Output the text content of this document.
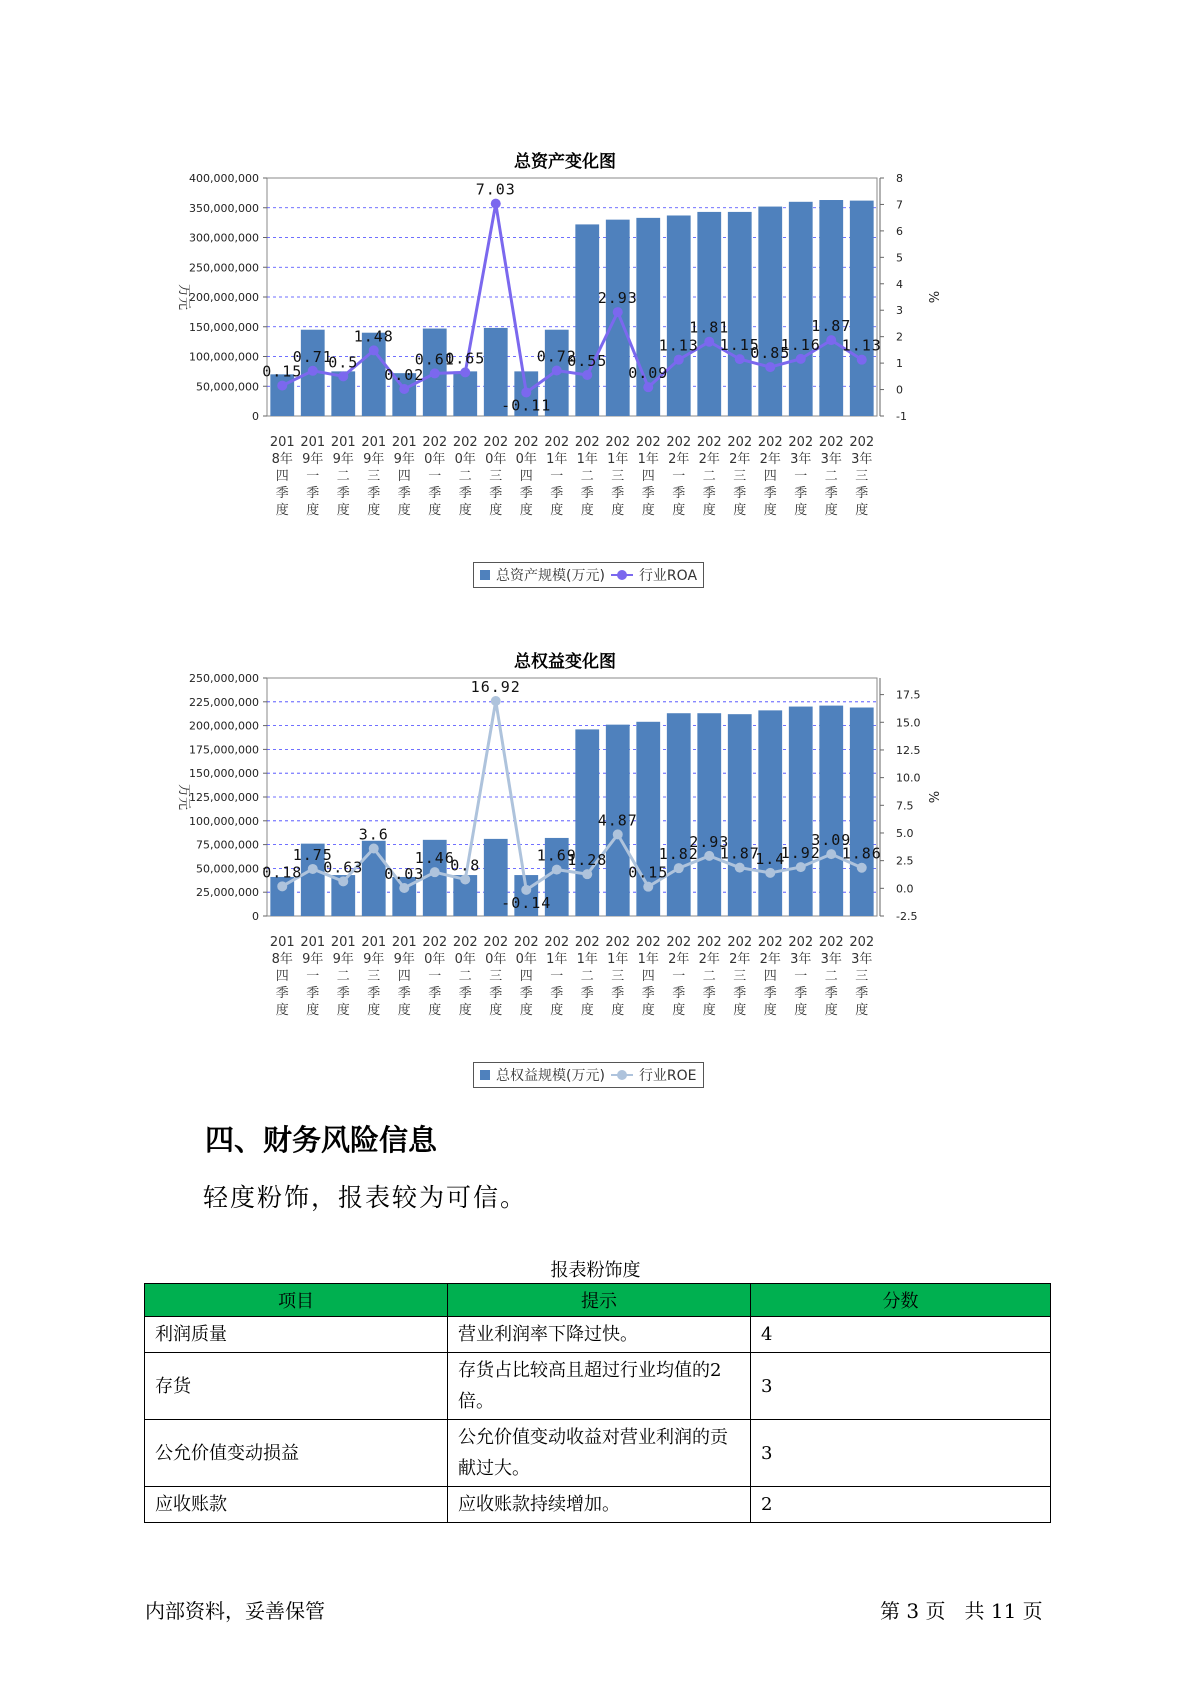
总资产变化图
0
50,000,000
100,000,000
150,000,000
200,000,000
250,000,000
300,000,000
350,000,000
400,000,000
万元
-1
0
1
2
3
4
5
6
7
8
%
0.15
0.71
0.5
1.48
0.02
0.61
0.65
7.03
-0.11
0.72
0.55
2.93
0.09
1.13
1.81
1.15
0.85
1.16
1.87
1.13
201 8年四季度
201 9年一季度
201 9年二季度
201 9年三季度
201 9年四季度
202 0年一季度
202 0年二季度
202 0年三季度
202 0年四季度
202 1年一季度
202 1年二季度
202 1年三季度
202 1年四季度
202 2年一季度
202 2年二季度
202 2年三季度
202 2年四季度
202 3年一季度
202 3年二季度
202 3年三季度
总资产规模(万元) 行业ROA
总权益变化图
0
25,000,000
50,000,000
75,000,000
100,000,000
125,000,000
150,000,000
175,000,000
200,000,000
225,000,000
250,000,000
万元
-2.5
0.0
2.5
5.0
7.5
10.0
12.5
15.0
17.5
%
0.18
1.75
0.63
3.6
0.03
1.46
0.8
16.92
-0.14
1.69
1.28
4.87
0.15
1.82
2.93
1.87
1.4
1.92
3.09
1.86
201 8年四季度
201 9年一季度
201 9年二季度
201 9年三季度
201 9年四季度
202 0年一季度
202 0年二季度
202 0年三季度
202 0年四季度
202 1年一季度
202 1年二季度
202 1年三季度
202 1年四季度
202 2年一季度
202 2年二季度
202 2年三季度
202 2年四季度
202 3年一季度
202 3年二季度
202 3年三季度
总权益规模(万元) 行业ROE
四、财务风险信息
轻度粉饰，报表较为可信。
报表粉饰度
项目	提示	分数
利润质量	营业利润率下降过快。	4
存货	存货占比较高且超过行业均值的2倍。	3
公允价值变动损益	公允价值变动收益对营业利润的贡献过大。	3
应收账款	应收账款持续增加。	2
内部资料，妥善保管	第 3 页   共 11 页
